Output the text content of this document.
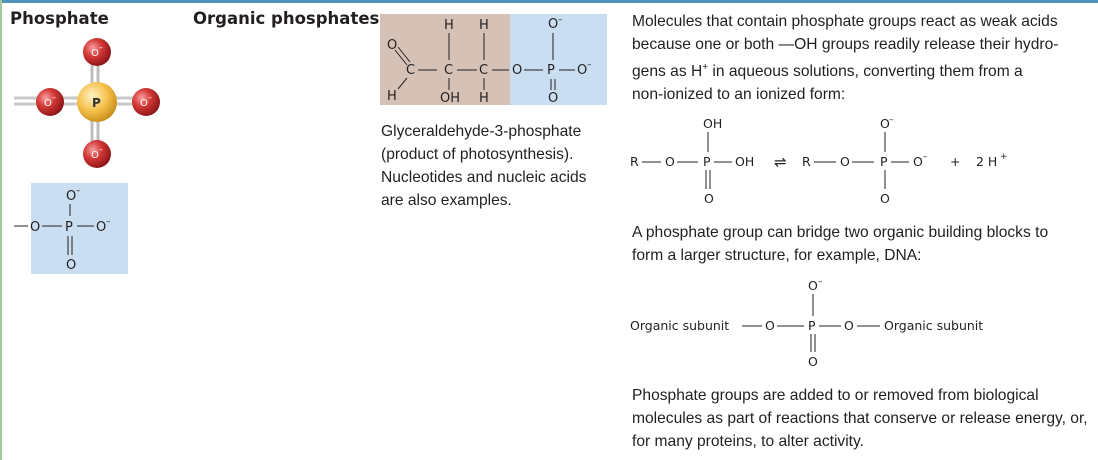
Phosphate	Organic phosphates
O
–
O
–
O
–
P
O
–
O –
O P O –
O
O
C
H
H
C
OH
H
C
H
O
O –
P O –
O
Glyceraldehyde-3-phosphate
(product of photosynthesis).
Nucleotides and nucleic acids
are also examples.
Molecules that contain phosphate groups react as weak acids
because one or both —OH groups readily release their hydro-
gens as H+ in aqueous solutions, converting them from a
non-ionized to an ionized form:
R O
OH
P OH
O
⇌ R O
O –
P O –
O
+ 2 H +
A phosphate group can bridge two organic building blocks to
form a larger structure, for example, DNA:
Organic subunit	O
O –
P O Organic subunit
O
Phosphate groups are added to or removed from biological
molecules as part of reactions that conserve or release energy, or,
for many proteins, to alter activity.
